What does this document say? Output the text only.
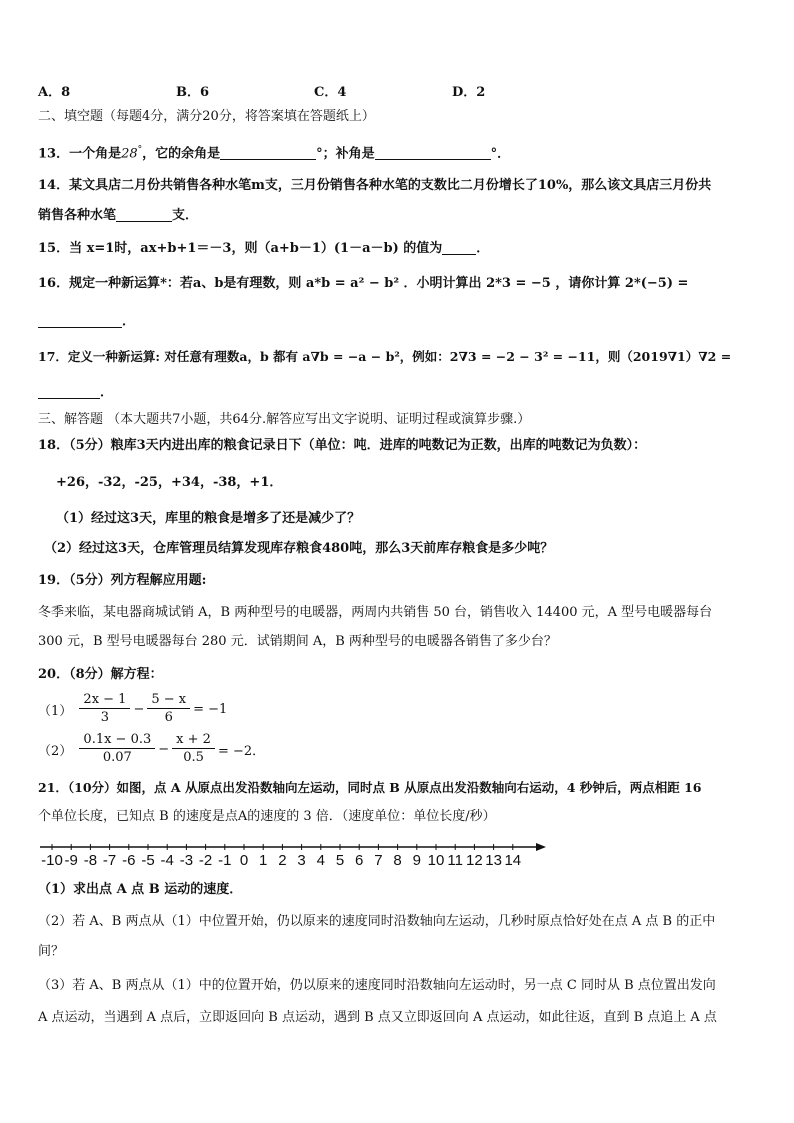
A．8	B．6	C．4	D．2
二、填空题（每题4分，满分20分，将答案填在答题纸上）
13．一个角是28°，它的余角是	°；补角是	°．
14．某文具店二月份共销售各种水笔m支，三月份销售各种水笔的支数比二月份增长了10%，那么该文具店三月份共
销售各种水笔	支．
15．当 x=1时，ax+b+1＝－3，则（a+b－1）(1－a－b) 的值为	．
16．规定一种新运算*：若a、b是有理数，则 a*b = a² − b² ．小明计算出 2*3 = −5 ，请你计算 2*(−5) =
．
17．定义一种新运算: 对任意有理数a，b 都有 a∇b = −a − b²，例如：2∇3 = −2 − 3² = −11，则（2019∇1）∇2 =
．
三、解答题 （本大题共7小题，共64分.解答应写出文字说明、证明过程或演算步骤.）
18．（5分）粮库3天内进出库的粮食记录日下（单位：吨．进库的吨数记为正数，出库的吨数记为负数）：
+26，-32，-25，+34，-38，+1．
（1）经过这3天，库里的粮食是增多了还是减少了？
（2）经过这3天，仓库管理员结算发现库存粮食480吨，那么3天前库存粮食是多少吨？
19．（5分）列方程解应用题:
冬季来临，某电器商城试销 A，B 两种型号的电暖器，两周内共销售 50 台，销售收入 14400 元，A 型号电暖器每台
300 元，B 型号电暖器每台 280 元．试销期间 A，B 两种型号的电暖器各销售了多少台？
20．（8分）解方程：
$(1) \frac{2x - 1}{3} - \frac{5 - x}{6} = -1$
$(2) \frac{0.1x - 0.3}{0.07} - \frac{x + 2}{0.5} = -2$．
21．（10分）如图，点 A 从原点出发沿数轴向左运动，同时点 B 从原点出发沿数轴向右运动，4 秒钟后，两点相距 16
个单位长度，已知点 B 的速度是点A的速度的 3 倍．（速度单位：单位长度/秒）
-10 -9 -8 -7 -6 -5 -4 -3 -2 -1 0 1 2 3 4 5 6 7 8 9 10 11 12 13 14
（1）求出点 A 点 B 运动的速度．
（2）若 A、B 两点从（1）中位置开始，仍以原来的速度同时沿数轴向左运动，几秒时原点恰好处在点 A 点 B 的正中
间？
（3）若 A、B 两点从（1）中的位置开始，仍以原来的速度同时沿数轴向左运动时，另一点 C 同时从 B 点位置出发向
A 点运动，当遇到 A 点后，立即返回向 B 点运动，遇到 B 点又立即返回向 A 点运动，如此往返，直到 B 点追上 A 点
